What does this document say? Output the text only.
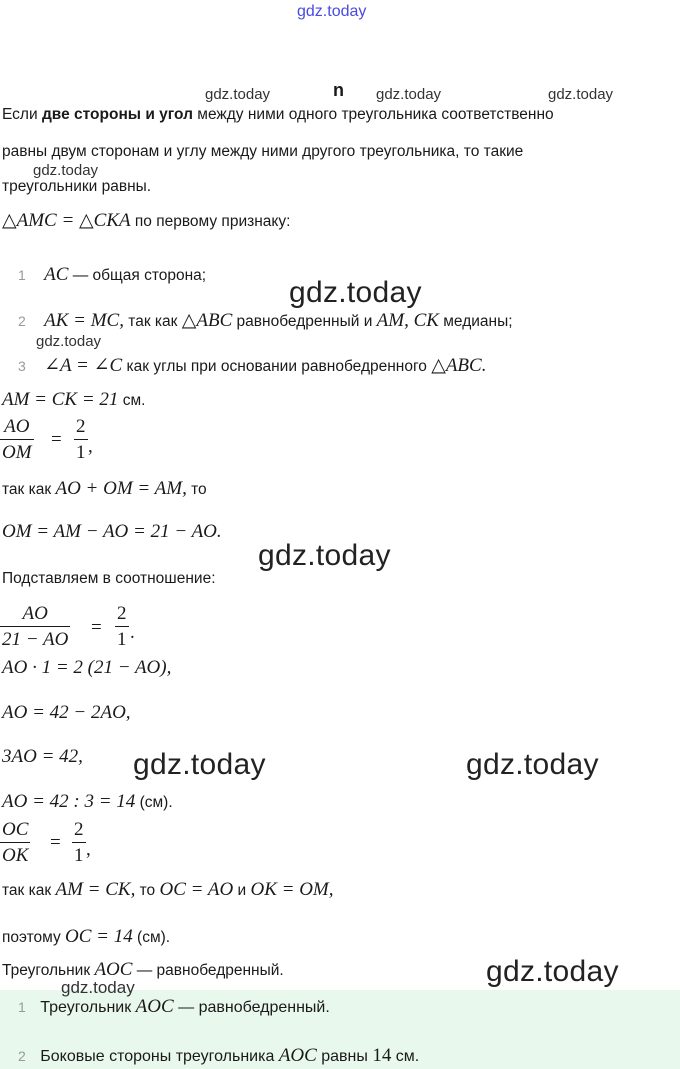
gdz.today
gdz.today	n gdz.today	gdz.today
Если две стороны и угол между ними одного треугольника соответственно
равны двум сторонам и углу между ними другого треугольника, то такие
gdz.today
треугольники равны.
△AMC = △CKA по первому признаку:
1 AC — общая сторона;
gdz.today
2 AK = MC, так как △ABC равнобедренный и AM, CK медианы;
gdz.today
3 ∠A = ∠C как углы при основании равнобедренного △ABC.
AM = CK = 21 см.
$\frac{AO}{OM} = \frac{2}{1}$ ,
так как AO + OM = AM, то
OM = AM − AO = 21 − AO.
gdz.today
Подставляем в соотношение:
$\frac{AO}{21 - AO} = \frac{2}{1}$ .
AO · 1 = 2 (21 − AO),
AO = 42 − 2AO,
3AO = 42, gdz.today	gdz.today
AO = 42 : 3 = 14 (см).
$\frac{OC}{OK} = \frac{2}{1}$ ,
так как AM = CK, то OC = AO и OK = OM,
поэтому OC = 14 (см).
Треугольник AOC — равнобедренный.	gdz.today
gdz.today
1 Треугольник AOC — равнобедренный.
2 Боковые стороны треугольника AOC равны 14 см.
